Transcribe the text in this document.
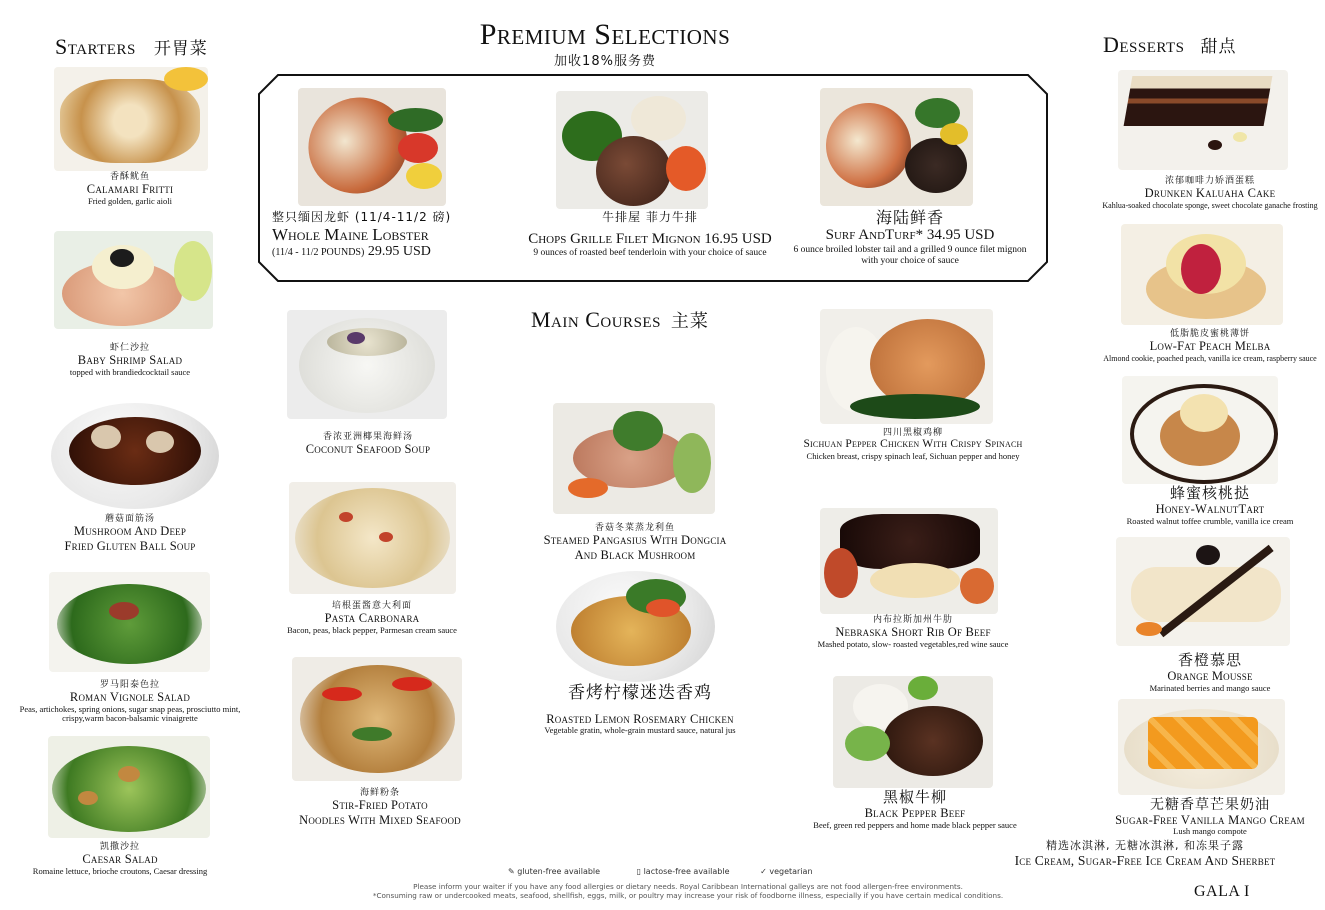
Starters 开胃菜	Premium Selections
加收18%服务费
Desserts 甜点
Main Courses 主菜
整只缅因龙虾 (11/4-11/2 磅)
Whole Maine Lobster
(11/4 - 11/2 POUNDS) 29.95 USD
牛排屋 菲力牛排
Chops Grille Filet Mignon 16.95 USD
9 ounces of roasted beef tenderloin with your choice of sauce
海陆鲜香
Surf AndTurf* 34.95 USD
6 ounce broiled lobster tail and a grilled 9 ounce filet mignon
with your choice of sauce
香酥鱿鱼
Calamari Fritti
Fried golden, garlic aioli
虾仁沙拉
Baby Shrimp Salad
topped with brandiedcocktail sauce
蘑菇面筋汤
Mushroom And Deep
Fried Gluten Ball Soup
罗马阳泰色拉
Roman Vignole Salad
Peas, artichokes, spring onions, sugar snap peas, prosciutto mint,
crispy,warm bacon-balsamic vinaigrette
凯撒沙拉
Caesar Salad
Romaine lettuce, brioche croutons, Caesar dressing
香浓亚洲椰果海鲜汤
Coconut Seafood Soup
培根蛋酱意大利面
Pasta Carbonara
Bacon, peas, black pepper, Parmesan cream sauce
海鲜粉条
Stir-Fried Potato
Noodles With Mixed Seafood
香菇冬菜蒸龙利鱼
Steamed Pangasius With Dongcia
And Black Mushroom
香烤柠檬迷迭香鸡
Roasted Lemon Rosemary Chicken
Vegetable gratin, whole-grain mustard sauce, natural jus
四川黑椒鸡柳
Sichuan Pepper Chicken With Crispy Spinach
Chicken breast, crispy spinach leaf, Sichuan pepper and honey
内布拉斯加州牛肋
Nebraska Short Rib Of Beef
Mashed potato, slow- roasted vegetables,red wine sauce
黑椒牛柳
Black Pepper Beef
Beef, green red peppers and home made black pepper sauce
浓郁咖啡力娇酒蛋糕
Drunken Kaluaha Cake
Kahlua-soaked chocolate sponge, sweet chocolate ganache frosting
低脂脆皮蜜桃薄饼
Low-Fat Peach Melba
Almond cookie, poached peach, vanilla ice cream, raspberry sauce
蜂蜜核桃挞
Honey-WalnutTart
Roasted walnut toffee crumble, vanilla ice cream
香橙慕思
Orange Mousse
Marinated berries and mango sauce
无糖香草芒果奶油
Sugar-Free Vanilla Mango Cream
Lush mango compote
精选冰淇淋, 无糖冰淇淋, 和冻果子露
Ice Cream, Sugar-Free Ice Cream And Sherbet
✎ gluten-free available	▯ lactose-free available	✓ vegetarian
Please inform your waiter if you have any food allergies or dietary needs. Royal Caribbean International galleys are not food allergen-free environments.
*Consuming raw or undercooked meats, seafood, shellfish, eggs, milk, or poultry may increase your risk of foodborne illness, especially if you have certain medical conditions.	GALA I
